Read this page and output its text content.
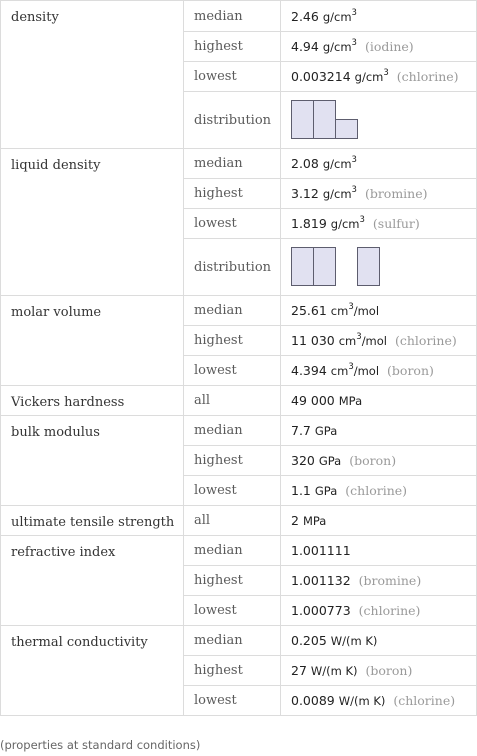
density	median	2.46 $g/cm^3$
	highest	4.94 $g/cm^3$ (iodine)
	lowest	0.003214 $g/cm^3$ (chlorine)
	distribution	

liquid density	median	2.08 $g/cm^3$
	highest	3.12 $g/cm^3$ (bromine)
	lowest	1.819 $g/cm^3$ (sulfur)
	distribution	

molar volume	median	25.61 $cm^3$/mol
	highest	11 030 $cm^3$/mol (chlorine)
	lowest	4.394 $cm^3$/mol (boron)
Vickers hardness	all	49 000 MPa
bulk modulus	median	7.7 GPa
	highest	320 GPa (boron)
	lowest	1.1 GPa (chlorine)
ultimate tensile strength	all	2 MPa
refractive index	median	1.001111
	highest	1.001132 (bromine)
	lowest	1.000773 (chlorine)
thermal conductivity	median	0.205 W/(m K)
	highest	27 W/(m K) (boron)
	lowest	0.0089 W/(m K) (chlorine)
(properties at standard conditions)
